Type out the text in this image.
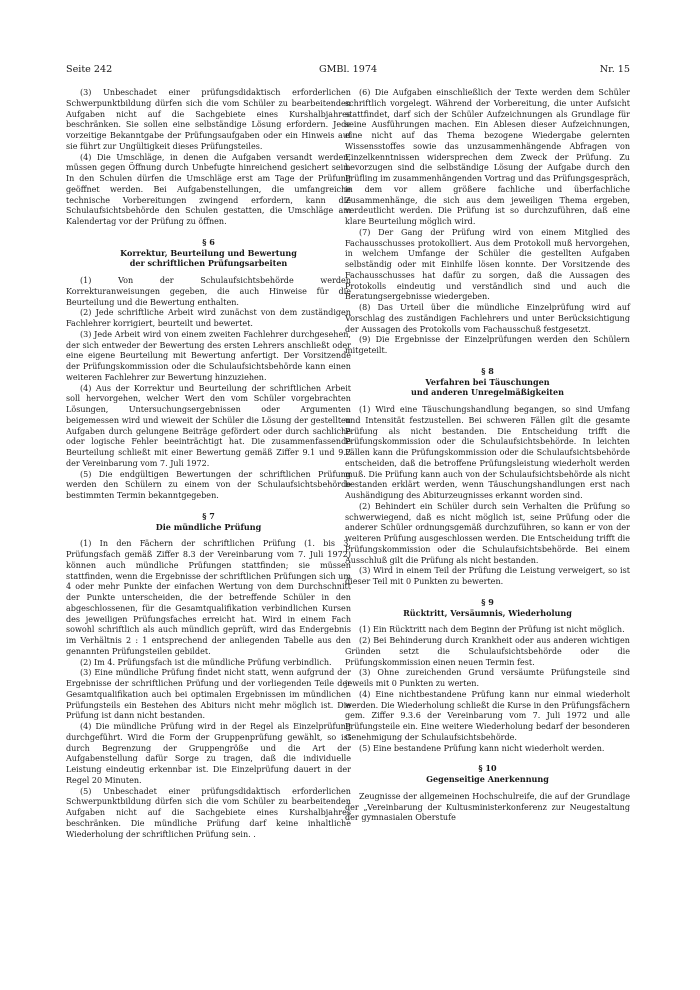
Seite 242	GMBl. 1974	Nr. 15

(3) Unbeschadet einer prüfungsdidaktisch erforderlichen Schwerpunktbildung dürfen sich die vom Schüler zu bearbeitenden Aufgaben nicht auf die Sachgebiete eines Kurshalbjahres beschränken. Sie sollen eine selbständige Lösung erfordern. Jede vorzeitige Bekanntgabe der Prüfungsaufgaben oder ein Hinweis auf sie führt zur Ungültigkeit dieses Prüfungsteiles.

(4) Die Umschläge, in denen die Aufgaben versandt werden, müssen gegen Öffnung durch Unbefugte hinreichend gesichert sein. In den Schulen dürfen die Umschläge erst am Tage der Prüfung geöffnet werden. Bei Aufgabenstellungen, die umfangreiche technische Vorbereitungen zwingend erfordern, kann die Schulaufsichtsbehörde den Schulen gestatten, die Umschläge am Kalendertag vor der Prüfung zu öffnen.

§ 6
Korrektur, Beurteilung und Bewertung
der schriftlichen Prüfungsarbeiten

(1) Von der Schulaufsichtsbehörde werden Korrekturanweisungen gegeben, die auch Hinweise für die Beurteilung und die Bewertung enthalten.

(2) Jede schriftliche Arbeit wird zunächst von dem zuständigen Fachlehrer korrigiert, beurteilt und bewertet.

(3) Jede Arbeit wird von einem zweiten Fachlehrer durchgesehen, der sich entweder der Bewertung des ersten Lehrers anschließt oder eine eigene Beurteilung mit Bewertung anfertigt. Der Vorsitzende der Prüfungskommission oder die Schulaufsichtsbehörde kann einen weiteren Fachlehrer zur Bewertung hinzuziehen.

(4) Aus der Korrektur und Beurteilung der schriftlichen Arbeit soll hervorgehen, welcher Wert den vom Schüler vorgebrachten Lösungen, Untersuchungsergebnissen oder Argumenten beigemessen wird und wieweit der Schüler die Lösung der gestellten Aufgaben durch gelungene Beiträge gefördert oder durch sachliche oder logische Fehler beeinträchtigt hat. Die zusammenfassende Beurteilung schließt mit einer Bewertung gemäß Ziffer 9.1 und 9.2 der Vereinbarung vom 7. Juli 1972.

(5) Die endgültigen Bewertungen der schriftlichen Prüfung werden den Schülern zu einem von der Schulaufsichtsbehörde bestimmten Termin bekanntgegeben.

§ 7
Die mündliche Prüfung

(1) In den Fächern der schriftlichen Prüfung (1. bis 3. Prüfungsfach gemäß Ziffer 8.3 der Vereinbarung vom 7. Juli 1972) können auch mündliche Prüfungen stattfinden; sie müssen stattfinden, wenn die Ergebnisse der schriftlichen Prüfungen sich um 4 oder mehr Punkte der einfachen Wertung von dem Durchschnitt der Punkte unterscheiden, die der betreffende Schüler in den abgeschlossenen, für die Gesamtqualifikation verbindlichen Kursen des jeweiligen Prüfungsfaches erreicht hat. Wird in einem Fach sowohl schriftlich als auch mündlich geprüft, wird das Endergebnis im Verhältnis 2 : 1 entsprechend der anliegenden Tabelle aus den genannten Prüfungsteilen gebildet.

(2) Im 4. Prüfungsfach ist die mündliche Prüfung verbindlich.

(3) Eine mündliche Prüfung findet nicht statt, wenn aufgrund der Ergebnisse der schriftlichen Prüfung und der vorliegenden Teile der Gesamtqualifikation auch bei optimalen Ergebnissen im mündlichen Prüfungsteils ein Bestehen des Abiturs nicht mehr möglich ist. Die Prüfung ist dann nicht bestanden.

(4) Die mündliche Prüfung wird in der Regel als Einzelprüfung durchgeführt. Wird die Form der Gruppenprüfung gewählt, so ist durch Begrenzung der Gruppengröße und die Art der Aufgabenstellung dafür Sorge zu tragen, daß die individuelle Leistung eindeutig erkennbar ist. Die Einzelprüfung dauert in der Regel 20 Minuten.

(5) Unbeschadet einer prüfungsdidaktisch erforderlichen Schwerpunktbildung dürfen sich die vom Schüler zu bearbeitenden Aufgaben nicht auf die Sachgebiete eines Kurshalbjahres beschränken. Die mündliche Prüfung darf keine inhaltliche Wiederholung der schriftlichen Prüfung sein. .

(6) Die Aufgaben einschließlich der Texte werden dem Schüler schriftlich vorgelegt. Während der Vorbereitung, die unter Aufsicht stattfindet, darf sich der Schüler Aufzeichnungen als Grundlage für seine Ausführungen machen. Ein Ablesen dieser Aufzeichnungen, eine nicht auf das Thema bezogene Wiedergabe gelernten Wissensstoffes sowie das unzusammenhängende Abfragen von Einzelkenntnissen widersprechen dem Zweck der Prüfung. Zu bevorzugen sind die selbständige Lösung der Aufgabe durch den Prüfling im zusammenhängenden Vortrag und das Prüfungsgespräch, in dem vor allem größere fachliche und überfachliche Zusammenhänge, die sich aus dem jeweiligen Thema ergeben, verdeutlicht werden. Die Prüfung ist so durchzuführen, daß eine klare Beurteilung möglich wird.

(7) Der Gang der Prüfung wird von einem Mitglied des Fachausschusses protokolliert. Aus dem Protokoll muß hervorgehen, in welchem Umfange der Schüler die gestellten Aufgaben selbständig oder mit Einhilfe lösen konnte. Der Vorsitzende des Fachausschusses hat dafür zu sorgen, daß die Aussagen des Protokolls eindeutig und verständlich sind und auch die Beratungsergebnisse wiedergeben.

(8) Das Urteil über die mündliche Einzelprüfung wird auf Vorschlag des zuständigen Fachlehrers und unter Berücksichtigung der Aussagen des Protokolls vom Fachausschuß festgesetzt.

(9) Die Ergebnisse der Einzelprüfungen werden den Schülern mitgeteilt.

§ 8
Verfahren bei Täuschungen
und anderen Unregelmäßigkeiten

(1) Wird eine Täuschungshandlung begangen, so sind Umfang und Intensität festzustellen. Bei schweren Fällen gilt die gesamte Prüfung als nicht bestanden. Die Entscheidung trifft die Prüfungskommission oder die Schulaufsichtsbehörde. In leichten Fällen kann die Prüfungskommission oder die Schulaufsichtsbehörde entscheiden, daß die betroffene Prüfungsleistung wiederholt werden muß. Die Prüfung kann auch von der Schulaufsichtsbehörde als nicht bestanden erklärt werden, wenn Täuschungshandlungen erst nach Aushändigung des Abiturzeugnisses erkannt worden sind.

(2) Behindert ein Schüler durch sein Verhalten die Prüfung so schwerwiegend, daß es nicht möglich ist, seine Prüfung oder die anderer Schüler ordnungsgemäß durchzuführen, so kann er von der weiteren Prüfung ausgeschlossen werden. Die Entscheidung trifft die Prüfungskommission oder die Schulaufsichtsbehörde. Bei einem Ausschluß gilt die Prüfung als nicht bestanden.

(3) Wird in einem Teil der Prüfung die Leistung verweigert, so ist dieser Teil mit 0 Punkten zu bewerten.

§ 9
Rücktritt, Versäumnis, Wiederholung

(1) Ein Rücktritt nach dem Beginn der Prüfung ist nicht möglich.

(2) Bei Behinderung durch Krankheit oder aus anderen wichtigen Gründen setzt die Schulaufsichtsbehörde oder die Prüfungskommission einen neuen Termin fest.

(3) Ohne zureichenden Grund versäumte Prüfungsteile sind jeweils mit 0 Punkten zu werten.

(4) Eine nichtbestandene Prüfung kann nur einmal wiederholt werden. Die Wiederholung schließt die Kurse in den Prüfungsfächern gem. Ziffer 9.3.6 der Vereinbarung vom 7. Juli 1972 und alle Prüfungsteile ein. Eine weitere Wiederholung bedarf der besonderen Genehmigung der Schulaufsichtsbehörde.

(5) Eine bestandene Prüfung kann nicht wiederholt werden.

§ 10
Gegenseitige Anerkennung

Zeugnisse der allgemeinen Hochschulreife, die auf der Grundlage der „Vereinbarung der Kultusministerkonferenz zur Neugestaltung der gymnasialen Oberstufe
